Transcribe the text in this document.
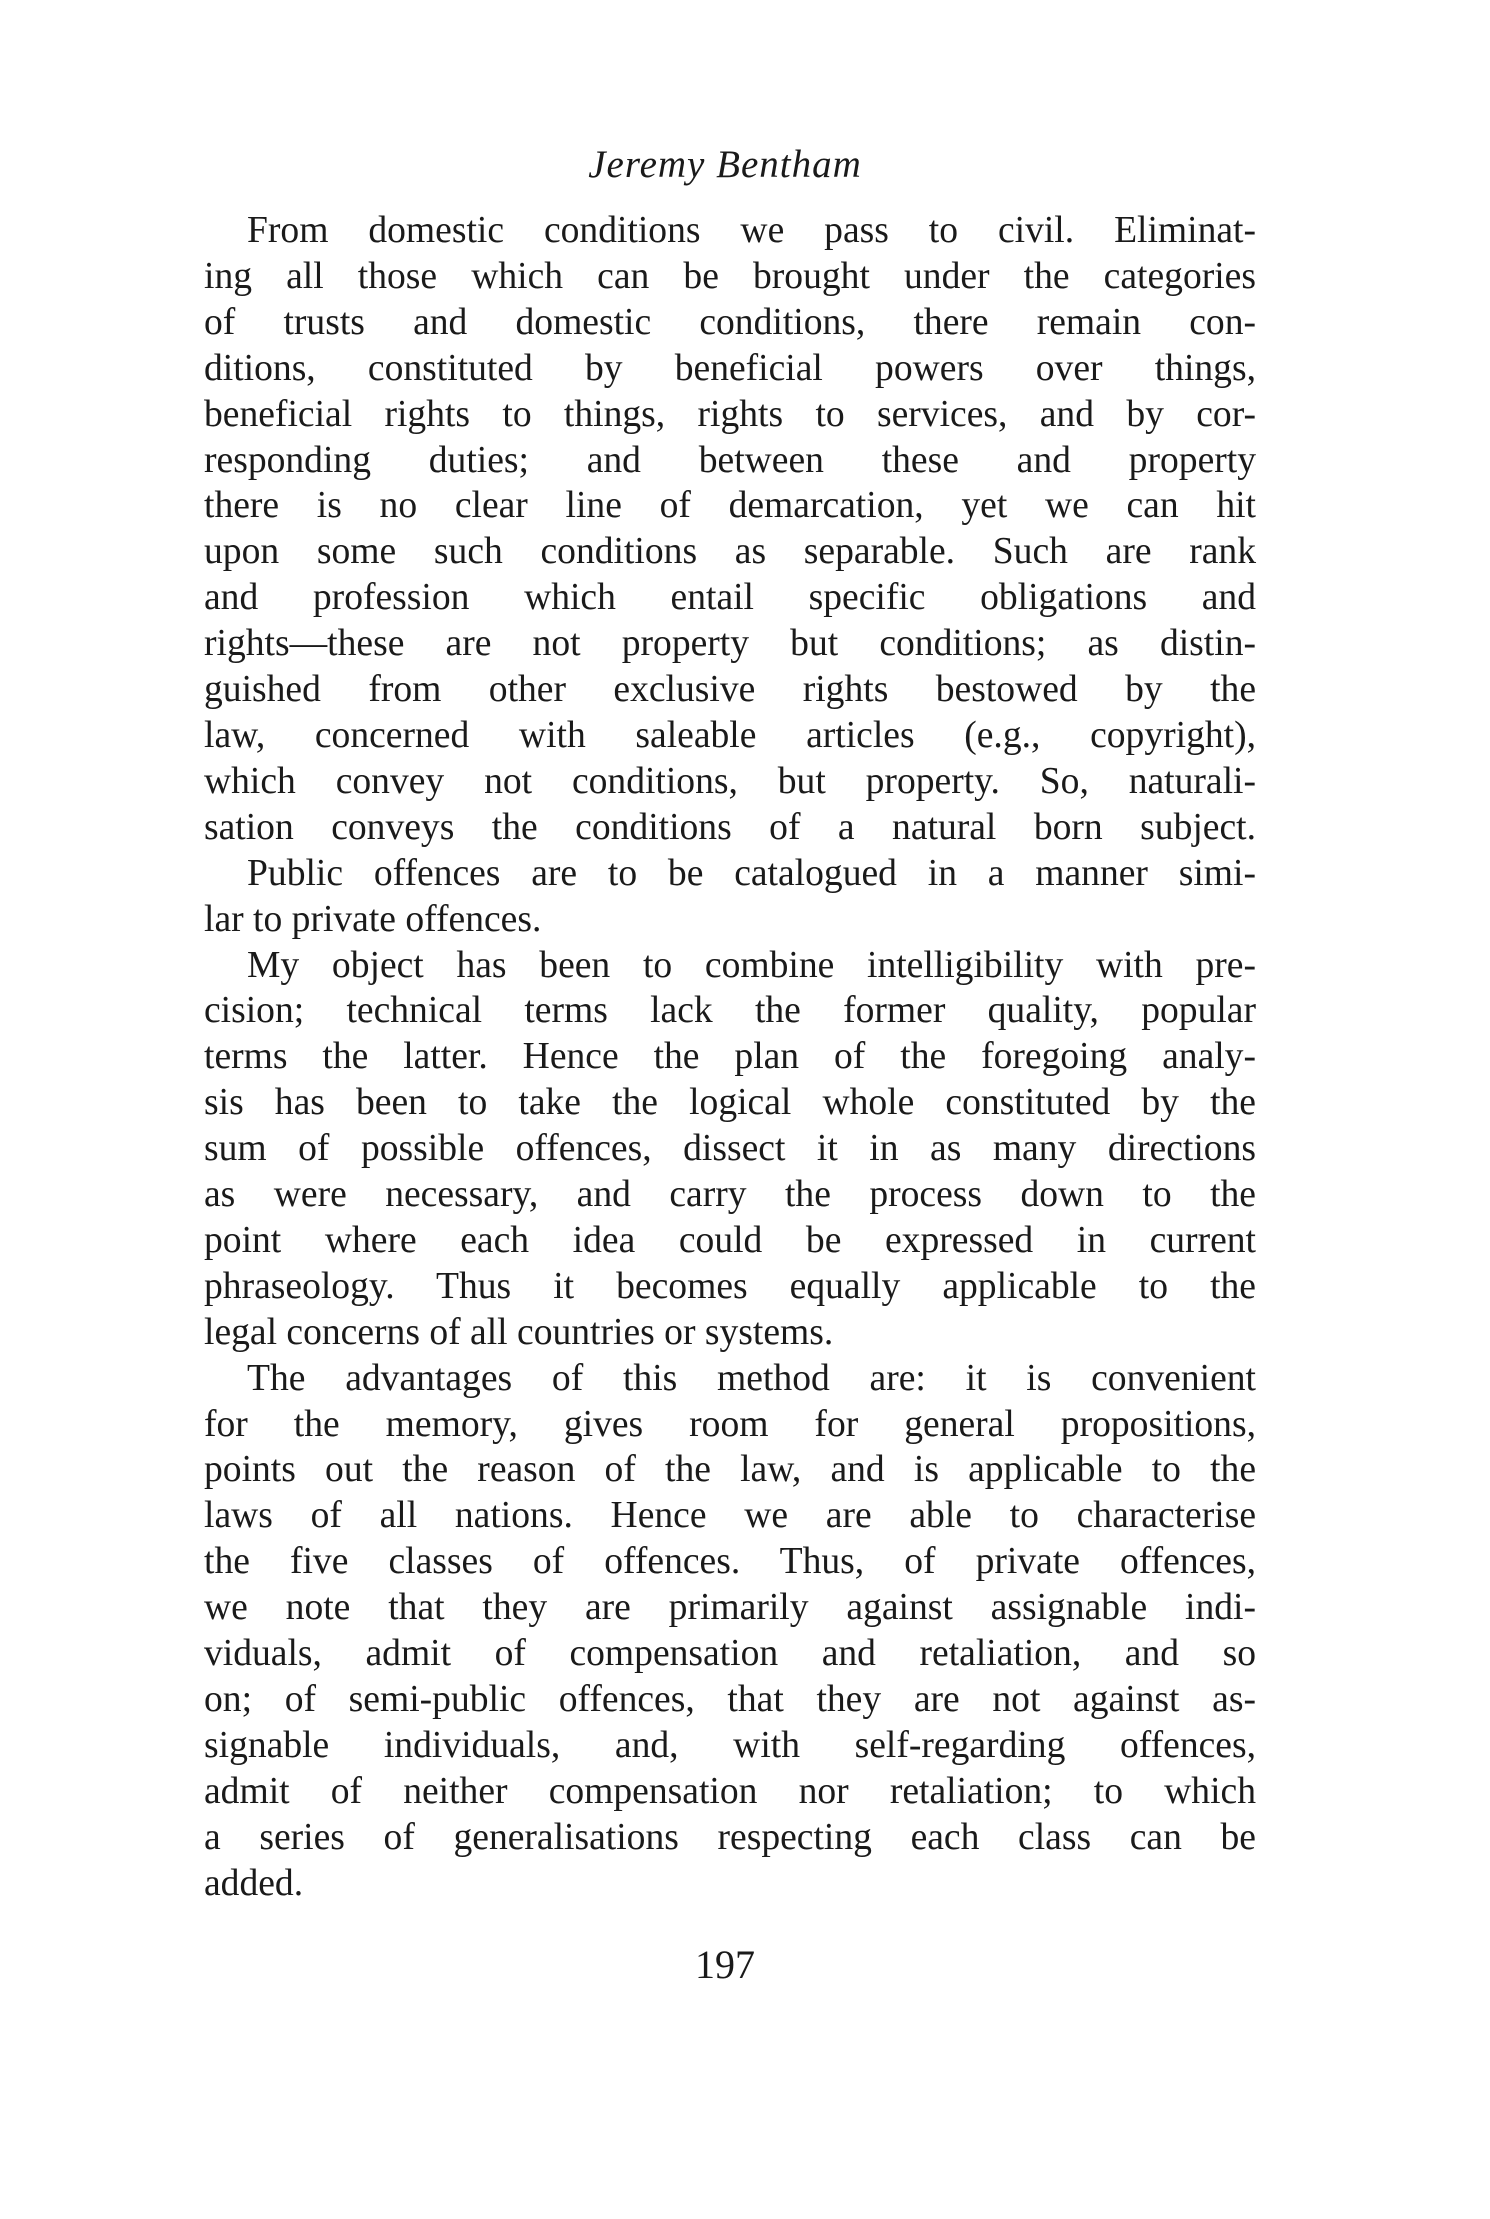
Jeremy Bentham
From domestic conditions we pass to civil. Eliminat-
ing all those which can be brought under the categories
of trusts and domestic conditions, there remain con-
ditions, constituted by beneficial powers over things,
beneficial rights to things, rights to services, and by cor-
responding duties; and between these and property
there is no clear line of demarcation, yet we can hit
upon some such conditions as separable. Such are rank
and profession which entail specific obligations and
rights—these are not property but conditions; as distin-
guished from other exclusive rights bestowed by the
law, concerned with saleable articles (e.g., copyright),
which convey not conditions, but property. So, naturali-
sation conveys the conditions of a natural born subject.
Public offences are to be catalogued in a manner simi-
lar to private offences.
My object has been to combine intelligibility with pre-
cision; technical terms lack the former quality, popular
terms the latter. Hence the plan of the foregoing analy-
sis has been to take the logical whole constituted by the
sum of possible offences, dissect it in as many directions
as were necessary, and carry the process down to the
point where each idea could be expressed in current
phraseology. Thus it becomes equally applicable to the
legal concerns of all countries or systems.
The advantages of this method are: it is convenient
for the memory, gives room for general propositions,
points out the reason of the law, and is applicable to the
laws of all nations. Hence we are able to characterise
the five classes of offences. Thus, of private offences,
we note that they are primarily against assignable indi-
viduals, admit of compensation and retaliation, and so
on; of semi-public offences, that they are not against as-
signable individuals, and, with self-regarding offences,
admit of neither compensation nor retaliation; to which
a series of generalisations respecting each class can be
added.
197
